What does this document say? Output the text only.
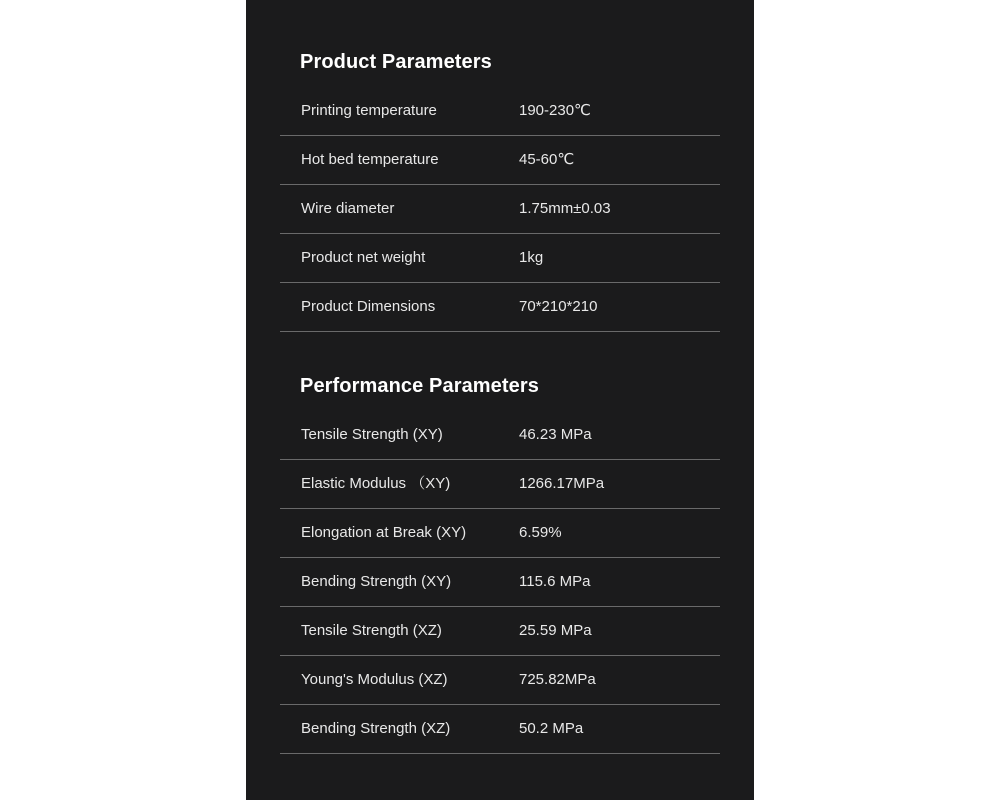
Product Parameters
Printing temperature	190-230℃
Hot bed temperature	45-60℃
Wire diameter	1.75mm±0.03
Product net weight	1kg
Product Dimensions	70*210*210
Performance Parameters
Tensile Strength (XY)	46.23 MPa
Elastic Modulus （XY)	1266.17MPa
Elongation at Break (XY)	6.59%
Bending Strength (XY)	115.6 MPa
Tensile Strength (XZ)	25.59 MPa
Young's Modulus (XZ)	725.82MPa
Bending Strength (XZ)	50.2 MPa
